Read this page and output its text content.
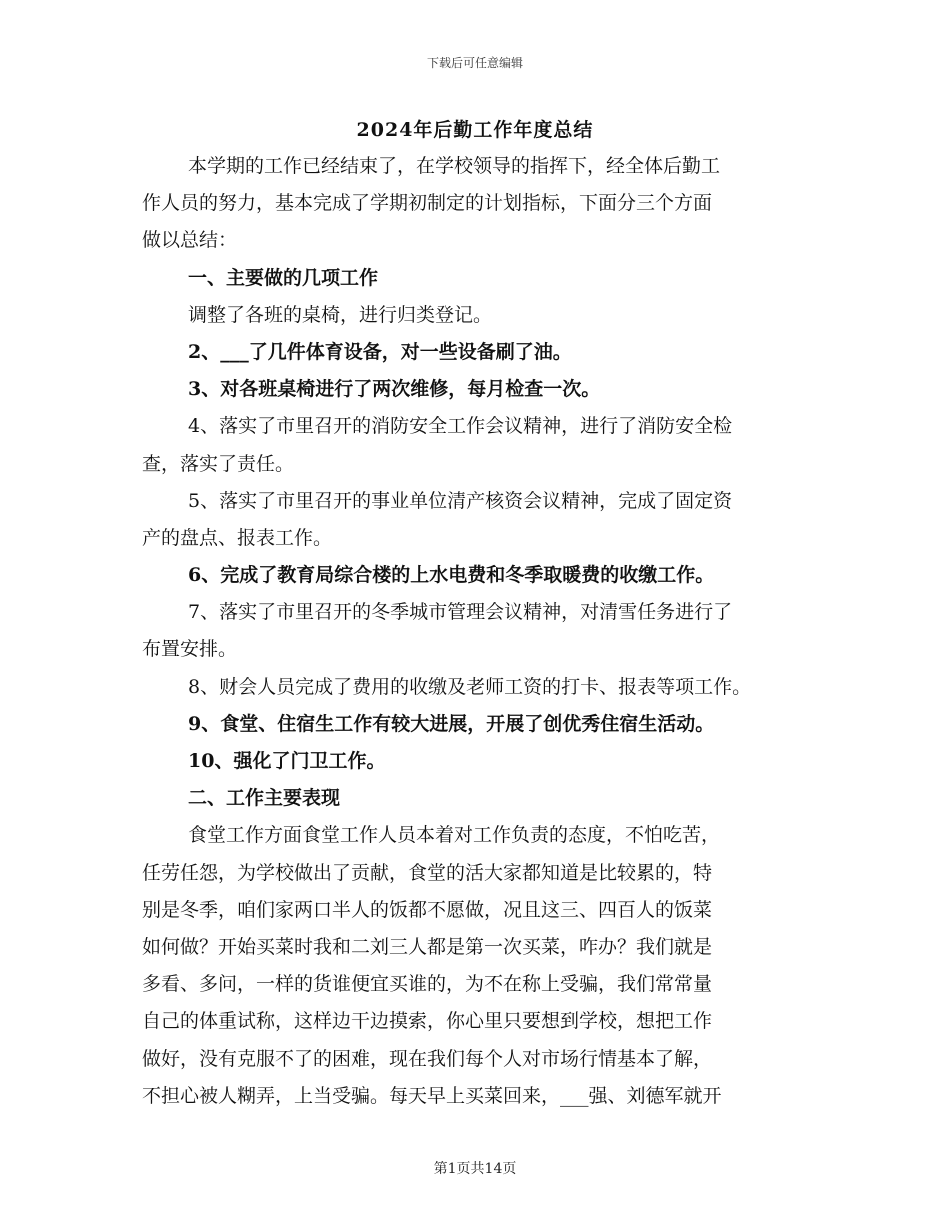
下载后可任意编辑
2024年后勤工作年度总结
本学期的工作已经结束了，在学校领导的指挥下，经全体后勤工
作人员的努力，基本完成了学期初制定的计划指标，下面分三个方面
做以总结：
一、主要做的几项工作
调整了各班的桌椅，进行归类登记。
2、___了几件体育设备，对一些设备刷了油。
3、对各班桌椅进行了两次维修，每月检查一次。
4、落实了市里召开的消防安全工作会议精神，进行了消防安全检
查，落实了责任。
5、落实了市里召开的事业单位清产核资会议精神，完成了固定资
产的盘点、报表工作。
6、完成了教育局综合楼的上水电费和冬季取暖费的收缴工作。
7、落实了市里召开的冬季城市管理会议精神，对清雪任务进行了
布置安排。
8、财会人员完成了费用的收缴及老师工资的打卡、报表等项工作。
9、食堂、住宿生工作有较大进展，开展了创优秀住宿生活动。
10、强化了门卫工作。
二、工作主要表现
食堂工作方面食堂工作人员本着对工作负责的态度，不怕吃苦，
任劳任怨，为学校做出了贡献，食堂的活大家都知道是比较累的，特
别是冬季，咱们家两口半人的饭都不愿做，况且这三、四百人的饭菜
如何做？开始买菜时我和二刘三人都是第一次买菜，咋办？我们就是
多看、多问，一样的货谁便宜买谁的，为不在称上受骗，我们常常量
自己的体重试称，这样边干边摸索，你心里只要想到学校，想把工作
做好，没有克服不了的困难，现在我们每个人对市场行情基本了解，
不担心被人糊弄，上当受骗。每天早上买菜回来，___强、刘德军就开
第1页共14页
